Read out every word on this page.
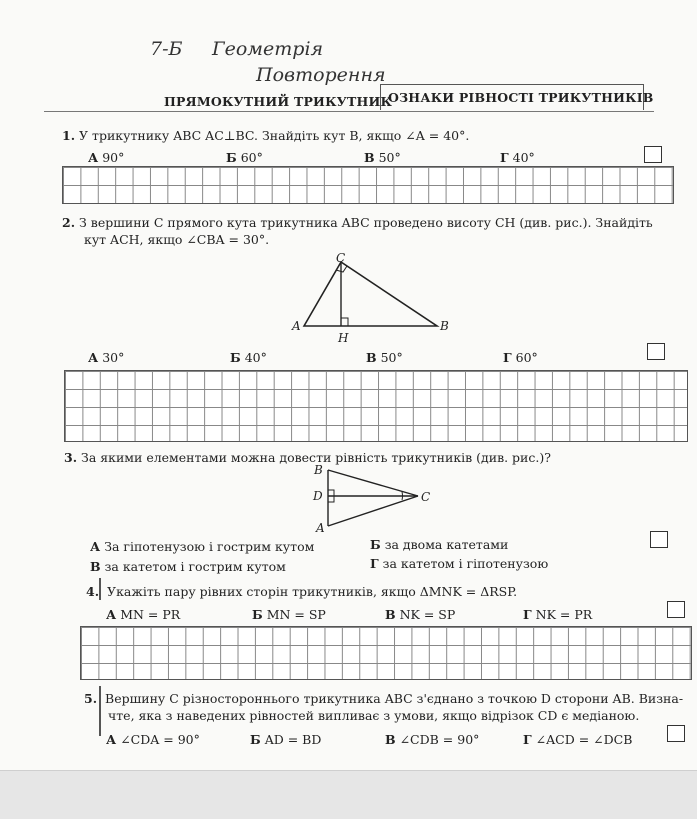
7-Б Геометрія
Повторення
ПРЯМОКУТНИЙ ТРИКУТНИК
ОЗНАКИ РІВНОСТІ ТРИКУТНИКІВ
1. У трикутнику ABC AC⊥BC. Знайдіть кут B, якщо ∠A = 40°.
А 90°	Б 60°	В 50°	Г 40°
2. З вершини C прямого кута трикутника ABC проведено висоту CH (див. рис.). Знайдіть
кут ACH, якщо ∠CBA = 30°.
C
A	B
H
А 30°	Б 40°	В 50°	Г 60°
3. За якими елементами можна довести рівність трикутників (див. рис.)?
B
D	C
A
А За гіпотенузою і гострим кутом	Б за двома катетами
В за катетом і гострим кутом	Г за катетом і гіпотенузою
4. Укажіть пару рівних сторін трикутників, якщо ΔMNK = ΔRSP.
А MN = PR	Б MN = SP	В NK = SP	Г NK = PR
5. Вершину C різностороннього трикутника ABC з'єднано з точкою D сторони AB. Визна-
чте, яка з наведених рівностей випливає з умови, якщо відрізок CD є медіаною.
А ∠CDA = 90°	Б AD = BD	В ∠CDB = 90°	Г ∠ACD = ∠DCB
